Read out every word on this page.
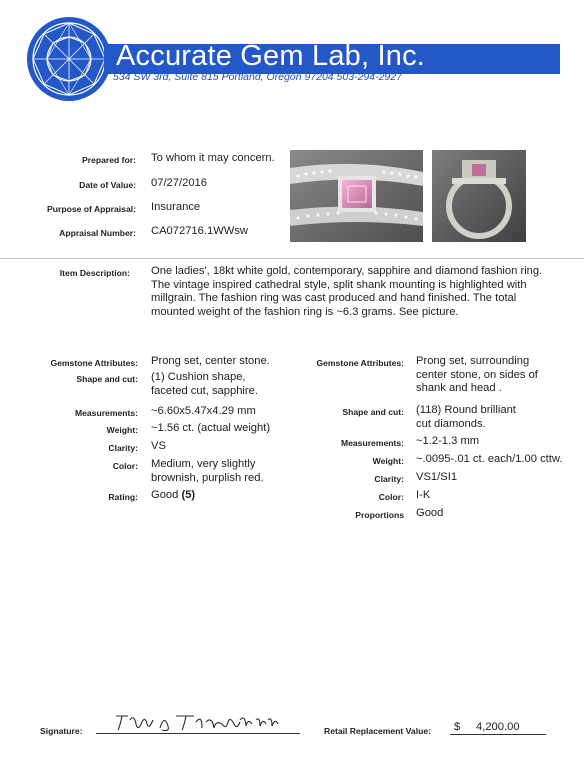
Accurate Gem Lab, Inc.
534 SW 3rd, Suite 815 Portland, Oregon 97204 503-294-2927
Prepared for: To whom it may concern.
Date of Value: 07/27/2016
Purpose of Appraisal: Insurance
Appraisal Number: CA072716.1WWsw
Item Description: One ladies', 18kt white gold, contemporary, sapphire and diamond fashion ring. The vintage inspired cathedral style, split shank mounting is highlighted with millgrain. The fashion ring was cast produced and hand finished. The total mounted weight of the fashion ring is ~6.3 grams. See picture.
Gemstone Attributes: Prong set, center stone.
Shape and cut: (1) Cushion shape, faceted cut, sapphire.
Measurements: ~6.60x5.47x4.29 mm
Weight: ~1.56 ct. (actual weight)
Clarity: VS
Color: Medium, very slightly brownish, purplish red.
Rating: Good (5)
Gemstone Attributes: Prong set, surrounding center stone, on sides of shank and head .
Shape and cut: (118) Round brilliant cut diamonds.
Measurements: ~1.2-1.3 mm
Weight: ~.0095-.01 ct. each/1.00 cttw.
Clarity: VS1/SI1
Color: I-K
Proportions Good
Signature:	Retail Replacement Value: $ 4,200.00
